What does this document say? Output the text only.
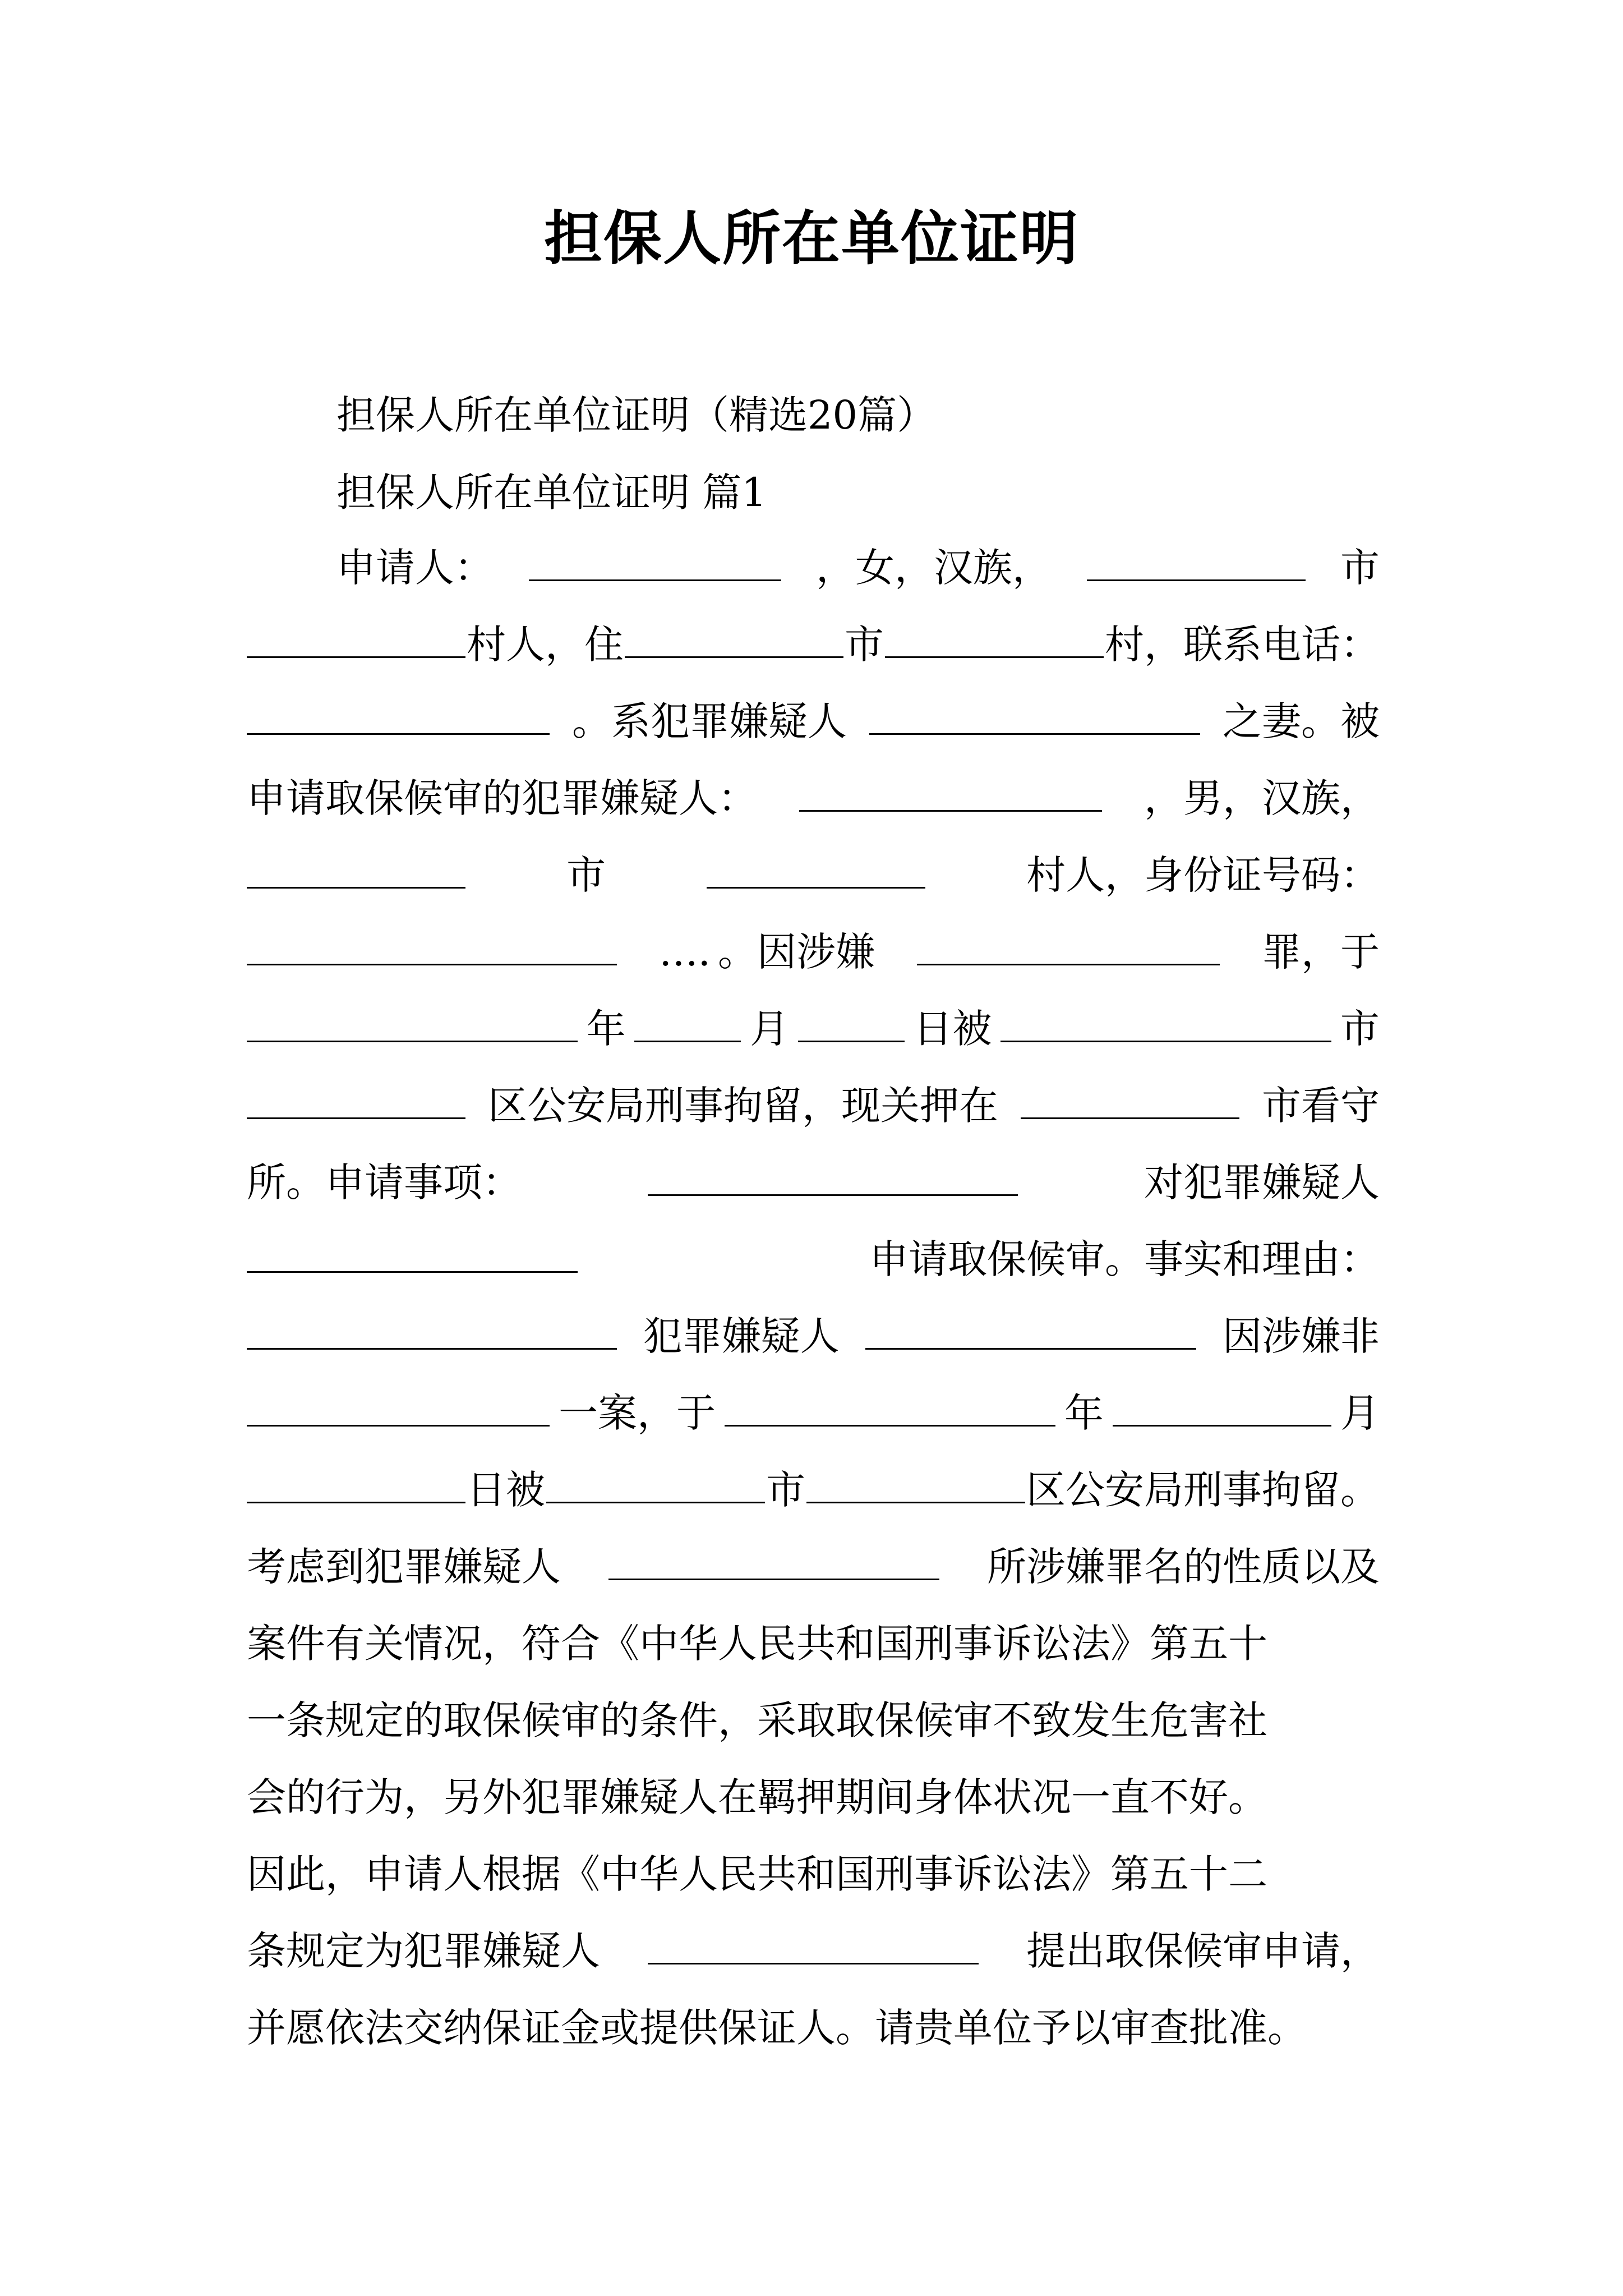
担保人所在单位证明
担保人所在单位证明（精选20篇）
担保人所在单位证明 篇1
申请人：	，女，汉族，	市
村人，住	市	村，联系电话：
。系犯罪嫌疑人	之妻。被
申请取保候审的犯罪嫌疑人：	，男，汉族，
市	村人，身份证号码：
…．。因涉嫌	罪，于
年	月	日被	市
区公安局刑事拘留，现关押在	市看守
所。申请事项：	对犯罪嫌疑人
申请取保候审。事实和理由：
犯罪嫌疑人	因涉嫌非
一案，于	年	月
日被	市	区公安局刑事拘留。
考虑到犯罪嫌疑人	所涉嫌罪名的性质以及
案件有关情况，符合《中华人民共和国刑事诉讼法》第五十
一条规定的取保候审的条件，采取取保候审不致发生危害社
会的行为，另外犯罪嫌疑人在羁押期间身体状况一直不好。
因此，申请人根据《中华人民共和国刑事诉讼法》第五十二
条规定为犯罪嫌疑人	提出取保候审申请，
并愿依法交纳保证金或提供保证人。请贵单位予以审查批准。
